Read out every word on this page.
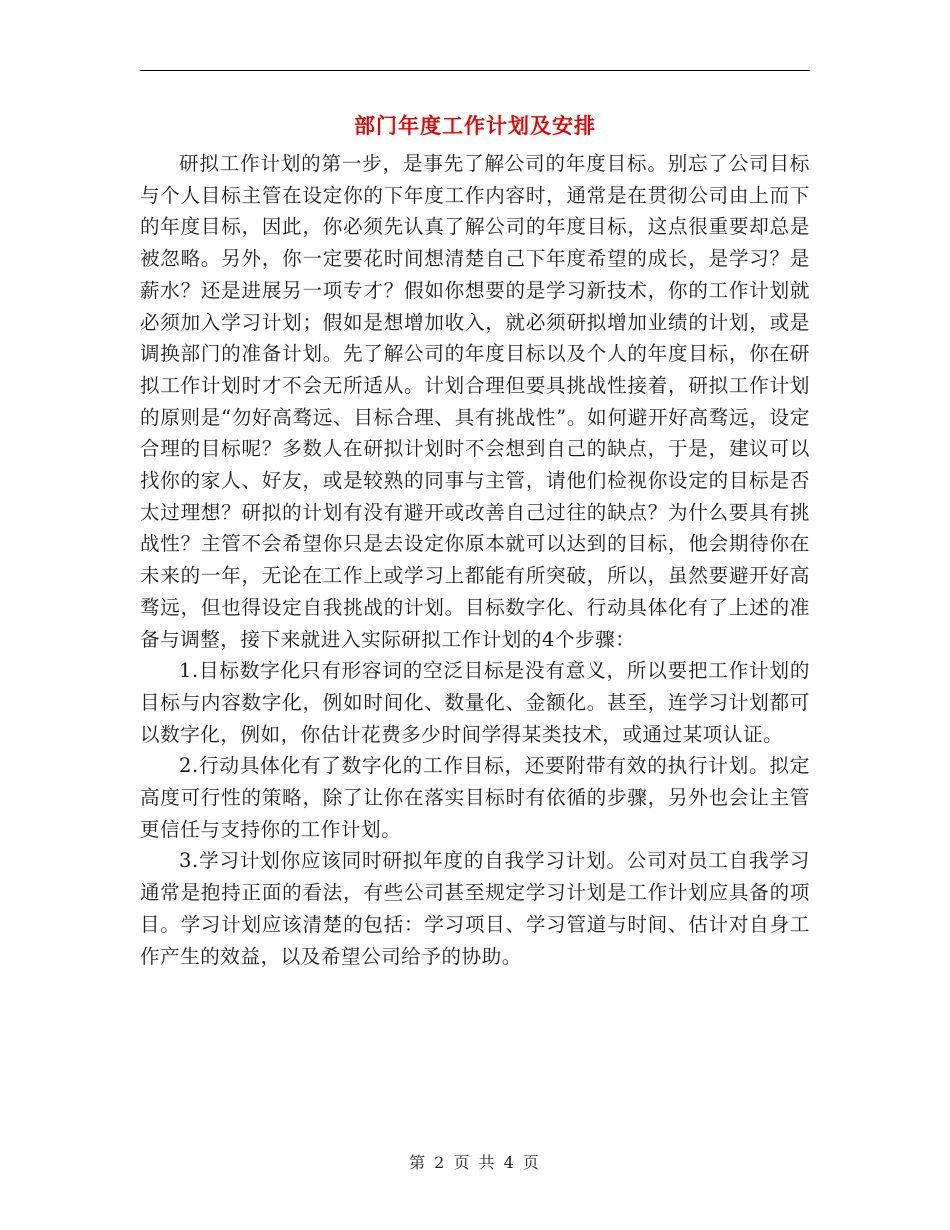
部门年度工作计划及安排

研拟工作计划的第一步，是事先了解公司的年度目标。别忘了公司目标与个人目标主管在设定你的下年度工作内容时，通常是在贯彻公司由上而下的年度目标，因此，你必须先认真了解公司的年度目标，这点很重要却总是被忽略。另外，你一定要花时间想清楚自己下年度希望的成长，是学习？是薪水？还是进展另一项专才？假如你想要的是学习新技术，你的工作计划就必须加入学习计划；假如是想增加收入，就必须研拟增加业绩的计划，或是调换部门的准备计划。先了解公司的年度目标以及个人的年度目标，你在研拟工作计划时才不会无所适从。计划合理但要具挑战性接着，研拟工作计划的原则是“勿好高骛远、目标合理、具有挑战性”。如何避开好高骛远，设定合理的目标呢？多数人在研拟计划时不会想到自己的缺点，于是，建议可以找你的家人、好友，或是较熟的同事与主管，请他们检视你设定的目标是否太过理想？研拟的计划有没有避开或改善自己过往的缺点？为什么要具有挑战性？主管不会希望你只是去设定你原本就可以达到的目标，他会期待你在未来的一年，无论在工作上或学习上都能有所突破，所以，虽然要避开好高骛远，但也得设定自我挑战的计划。目标数字化、行动具体化有了上述的准备与调整，接下来就进入实际研拟工作计划的4个步骤：

1.目标数字化只有形容词的空泛目标是没有意义，所以要把工作计划的目标与内容数字化，例如时间化、数量化、金额化。甚至，连学习计划都可以数字化，例如，你估计花费多少时间学得某类技术，或通过某项认证。

2.行动具体化有了数字化的工作目标，还要附带有效的执行计划。拟定高度可行性的策略，除了让你在落实目标时有依循的步骤，另外也会让主管更信任与支持你的工作计划。

3.学习计划你应该同时研拟年度的自我学习计划。公司对员工自我学习通常是抱持正面的看法，有些公司甚至规定学习计划是工作计划应具备的项目。学习计划应该清楚的包括：学习项目、学习管道与时间、估计对自身工作产生的效益，以及希望公司给予的协助。

第 2 页 共 4 页
